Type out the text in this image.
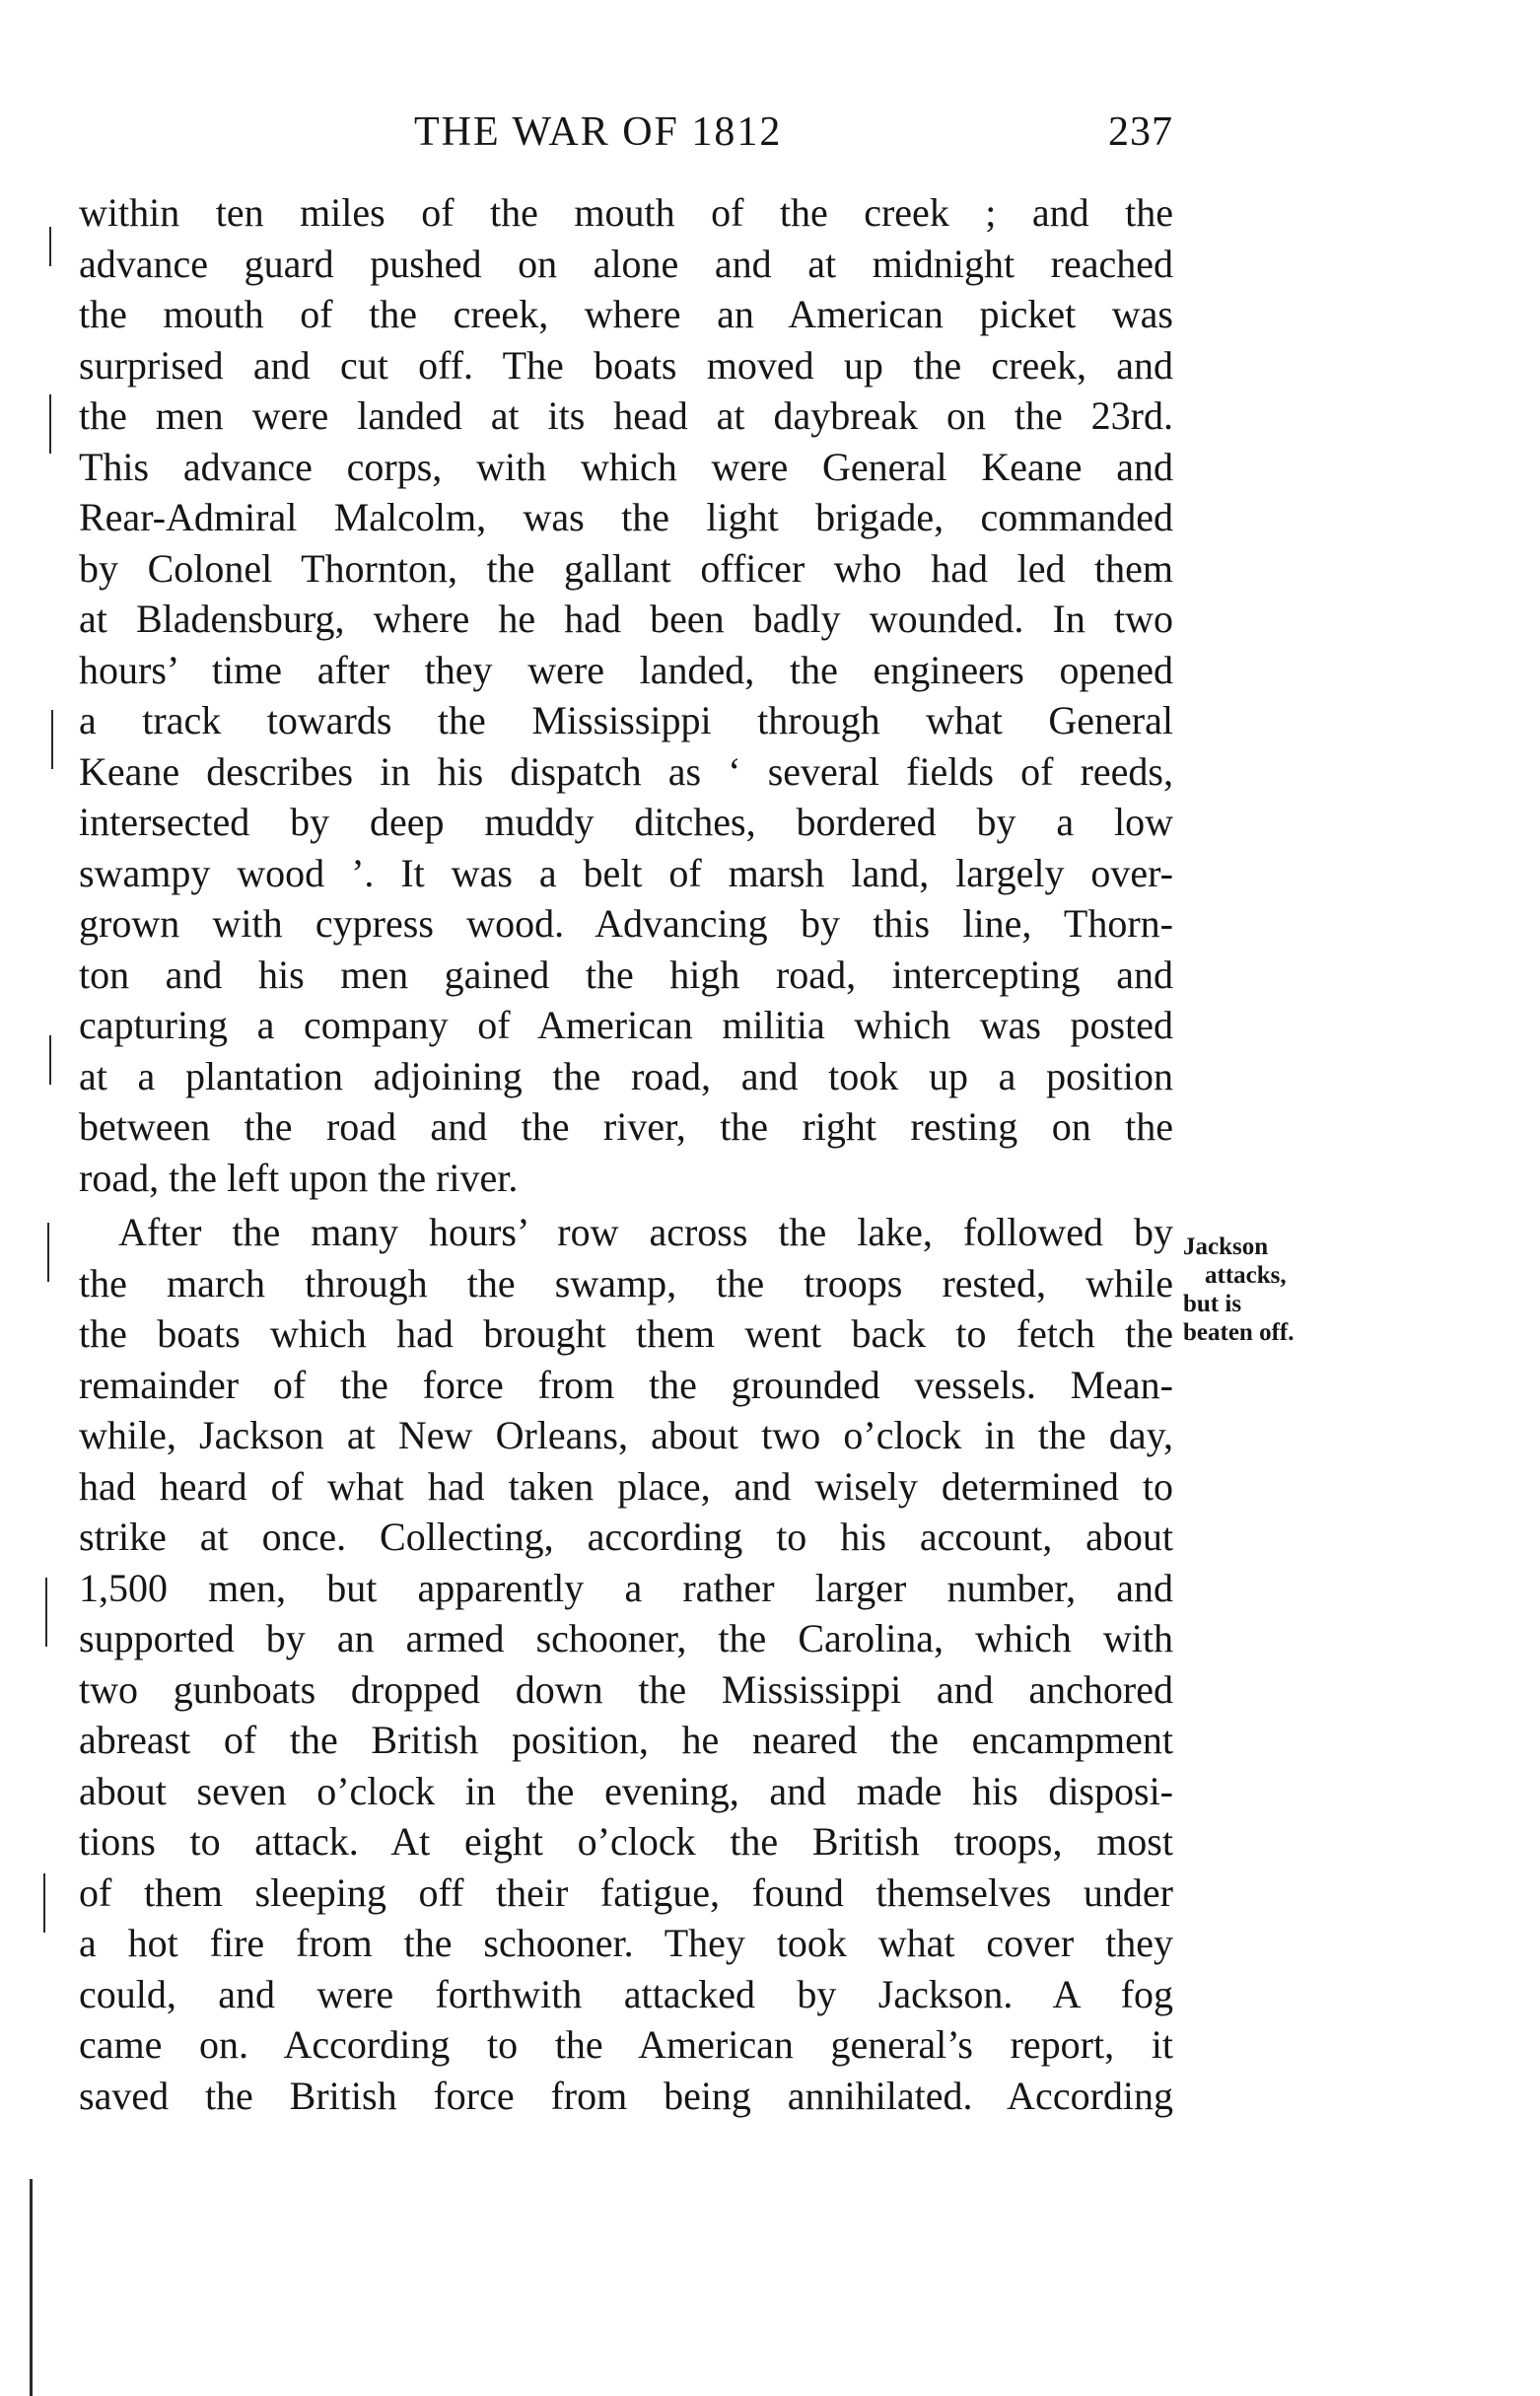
THE WAR OF 1812	237
within ten miles of the mouth of the creek ; and the
advance guard pushed on alone and at midnight reached
the mouth of the creek, where an American picket was
surprised and cut off. The boats moved up the creek, and
the men were landed at its head at daybreak on the 23rd.
This advance corps, with which were General Keane and
Rear-Admiral Malcolm, was the light brigade, commanded
by Colonel Thornton, the gallant officer who had led them
at Bladensburg, where he had been badly wounded. In two
hours’ time after they were landed, the engineers opened
a track towards the Mississippi through what General
Keane describes in his dispatch as ‘ several fields of reeds,
intersected by deep muddy ditches, bordered by a low
swampy wood ’. It was a belt of marsh land, largely over-
grown with cypress wood. Advancing by this line, Thorn-
ton and his men gained the high road, intercepting and
capturing a company of American militia which was posted
at a plantation adjoining the road, and took up a position
between the road and the river, the right resting on the
road, the left upon the river.
After the many hours’ row across the lake, followed by
the march through the swamp, the troops rested, while
the boats which had brought them went back to fetch the
remainder of the force from the grounded vessels. Mean-
while, Jackson at New Orleans, about two o’clock in the day,
had heard of what had taken place, and wisely determined to
strike at once. Collecting, according to his account, about
1,500 men, but apparently a rather larger number, and
supported by an armed schooner, the Carolina, which with
two gunboats dropped down the Mississippi and anchored
abreast of the British position, he neared the encampment
about seven o’clock in the evening, and made his disposi-
tions to attack. At eight o’clock the British troops, most
of them sleeping off their fatigue, found themselves under
a hot fire from the schooner. They took what cover they
could, and were forthwith attacked by Jackson. A fog
came on. According to the American general’s report, it
saved the British force from being annihilated. According
Jackson
attacks,
but is
beaten off.
